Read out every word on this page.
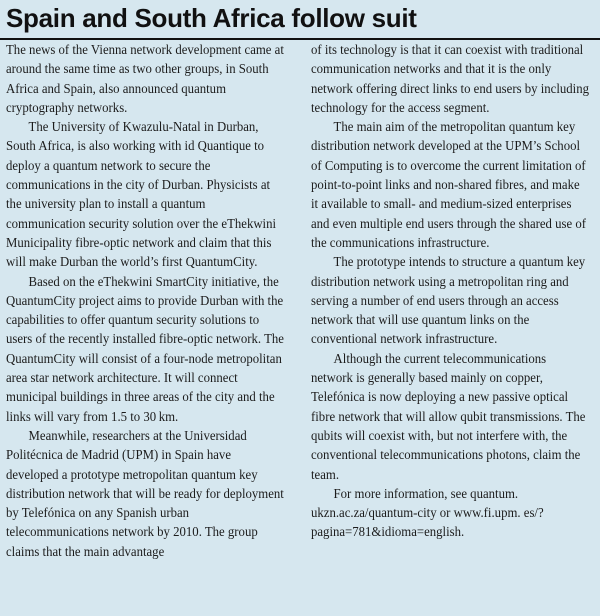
Spain and South Africa follow suit

The news of the Vienna network development came at around the same time as two other groups, in South Africa and Spain, also announced quantum cryptography networks.

The University of Kwazulu-Natal in Durban, South Africa, is also working with id Quantique to deploy a quantum network to secure the communications in the city of Durban. Physicists at the university plan to install a quantum communication security solution over the eThekwini Municipality fibre-optic network and claim that this will make Durban the world’s first QuantumCity.

Based on the eThekwini SmartCity initiative, the QuantumCity project aims to provide Durban with the capabilities to offer quantum security solutions to users of the recently installed fibre-optic network. The QuantumCity will consist of a four-node metropolitan area star network architecture. It will connect municipal buildings in three areas of the city and the links will vary from 1.5 to 30 km.

Meanwhile, researchers at the Universidad Politécnica de Madrid (UPM) in Spain have developed a prototype metropolitan quantum key distribution network that will be ready for deployment by Telefónica on any Spanish urban telecommunications network by 2010. The group claims that the main advantage

of its technology is that it can coexist with traditional communication networks and that it is the only network offering direct links to end users by including technology for the access segment.

The main aim of the metropolitan quantum key distribution network developed at the UPM’s School of Computing is to overcome the current limitation of point-to-point links and non-shared fibres, and make it available to small- and medium-sized enterprises and even multiple end users through the shared use of the communications infrastructure.

The prototype intends to structure a quantum key distribution network using a metropolitan ring and serving a number of end users through an access network that will use quantum links on the conventional network infrastructure.

Although the current telecommunications network is generally based mainly on copper, Telefónica is now deploying a new passive optical fibre network that will allow qubit transmissions. The qubits will coexist with, but not interfere with, the conventional telecommunications photons, claim the team.

For more information, see quantum. ukzn.ac.za/quantum-city or www.fi.upm. es/?pagina=781&idioma=english.
